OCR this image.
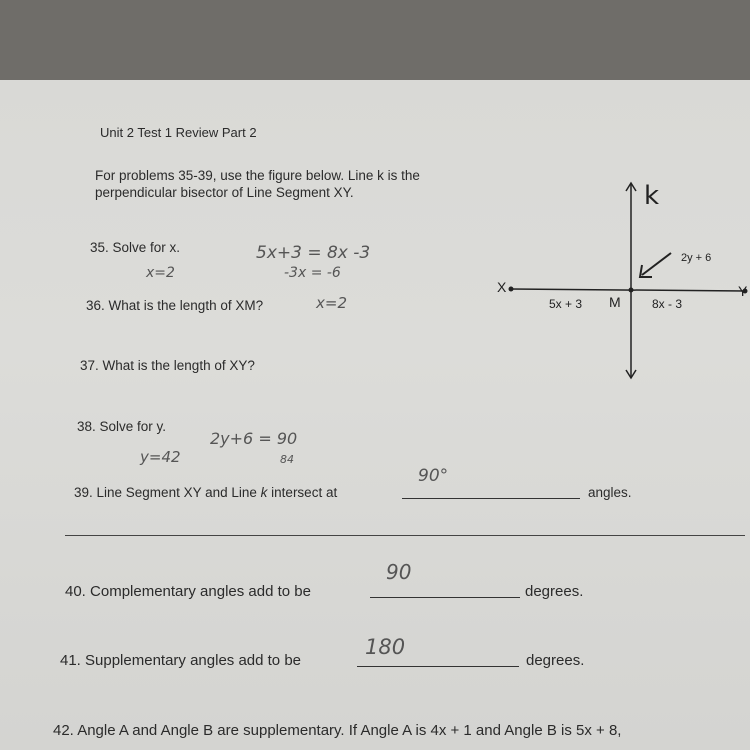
Unit 2 Test 1 Review Part 2
For problems 35-39, use the figure below. Line k is the
perpendicular bisector of Line Segment XY.	k
X	Y
M
5x + 3	8x - 3
2y + 6
35. Solve for x.	5x+3 = 8x -3
-3x = -6
x=2
36. What is the length of XM?	x=2
37. What is the length of XY?
38. Solve for y.
2y+6 = 90
84
y=42
39. Line Segment XY and Line k intersect at
90°
angles.
40. Complementary angles add to be
90
degrees.
41. Supplementary angles add to be
180
degrees.
42. Angle A and Angle B are supplementary. If Angle A is 4x + 1 and Angle B is 5x + 8,
